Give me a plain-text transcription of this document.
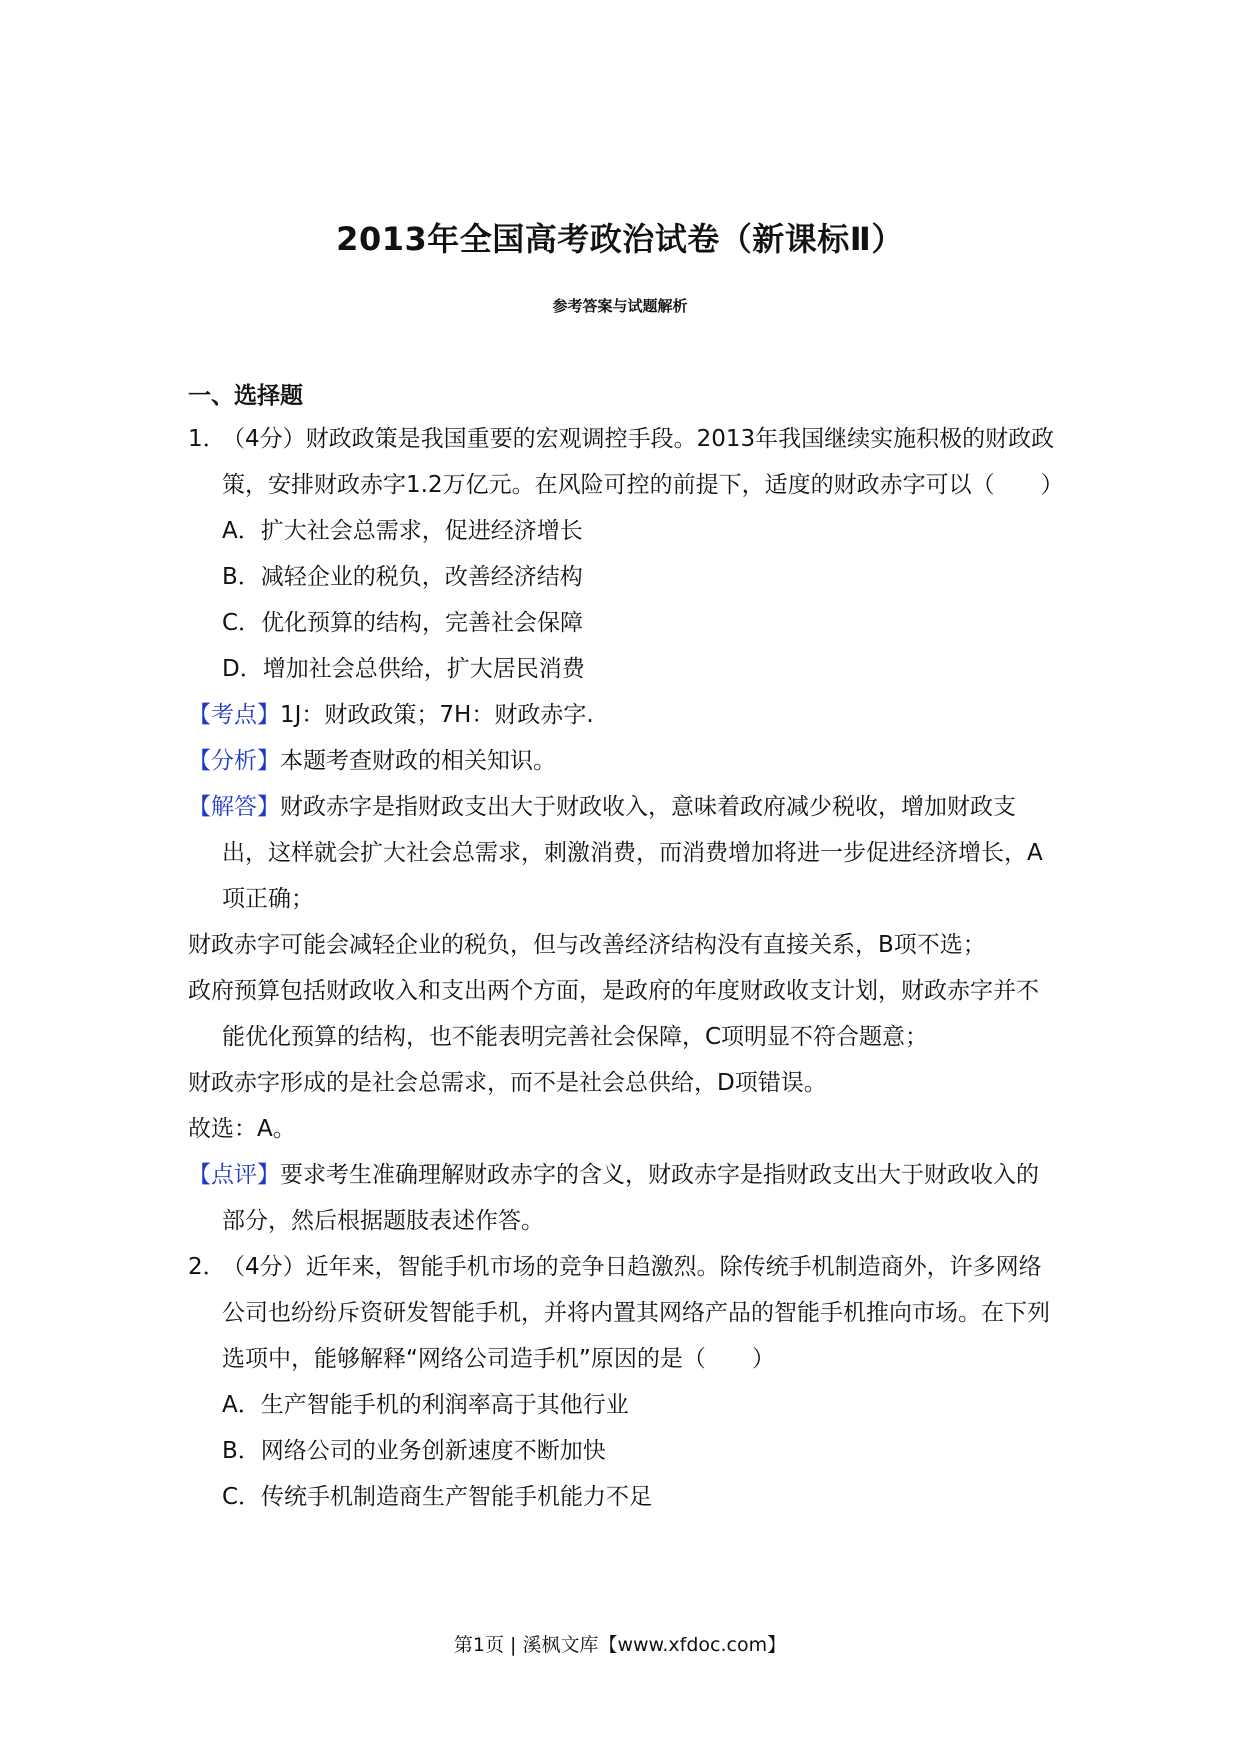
2013年全国高考政治试卷（新课标Ⅱ）
参考答案与试题解析
一、选择题
1．
（4分）财政政策是我国重要的宏观调控手段。2013年我国继续实施积极的财政政策，安排财政赤字1.2万亿元。在风险可控的前提下，适度的财政赤字可以（　　）
A．扩大社会总需求，促进经济增长
B．减轻企业的税负，改善经济结构
C．优化预算的结构，完善社会保障
D．增加社会总供给，扩大居民消费
【考点】1J：财政政策；7H：财政赤字.
【分析】本题考查财政的相关知识。
【解答】财政赤字是指财政支出大于财政收入，意味着政府减少税收，增加财政支出，这样就会扩大社会总需求，刺激消费，而消费增加将进一步促进经济增长，A项正确；
财政赤字可能会减轻企业的税负，但与改善经济结构没有直接关系，B项不选；
政府预算包括财政收入和支出两个方面，是政府的年度财政收支计划，财政赤字并不能优化预算的结构，也不能表明完善社会保障，C项明显不符合题意；
财政赤字形成的是社会总需求，而不是社会总供给，D项错误。
故选：A。
【点评】要求考生准确理解财政赤字的含义，财政赤字是指财政支出大于财政收入的部分，然后根据题肢表述作答。
2．
（4分）近年来，智能手机市场的竞争日趋激烈。除传统手机制造商外，许多网络公司也纷纷斥资研发智能手机，并将内置其网络产品的智能手机推向市场。在下列选项中，能够解释“网络公司造手机”原因的是（　　）
A．生产智能手机的利润率高于其他行业
B．网络公司的业务创新速度不断加快
C．传统手机制造商生产智能手机能力不足
第1页 | 溪枫文库【www.xfdoc.com】
